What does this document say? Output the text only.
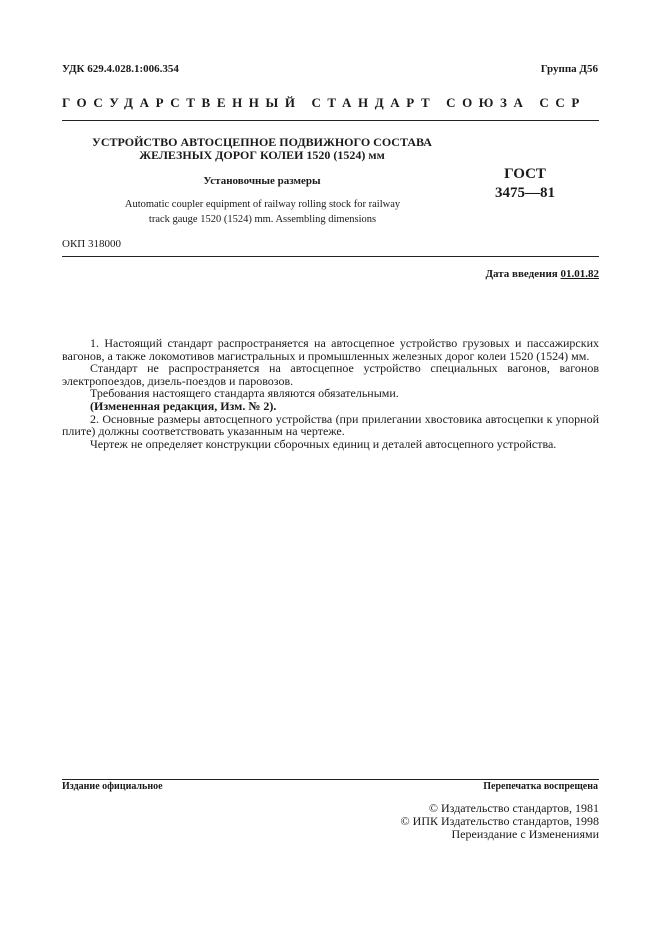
УДК 629.4.028.1:006.354	Группа Д56
ГОСУДАРСТВЕННЫЙ СТАНДАРТ СОЮЗА ССР
УСТРОЙСТВО АВТОСЦЕПНОЕ ПОДВИЖНОГО СОСТАВА
ЖЕЛЕЗНЫХ ДОРОГ КОЛЕИ 1520 (1524) мм
Установочные размеры
Automatic coupler equipment of railway rolling stock for railway
track gauge 1520 (1524) mm. Assembling dimensions
ГОСТ
3475—81
ОКП 318000
Дата введения 01.01.82

1. Настоящий стандарт распространяется на автосцепное устройство грузовых и пассажирских вагонов, а также локомотивов магистральных и промышленных железных дорог колеи 1520 (1524) мм.

Стандарт не распространяется на автосцепное устройство специальных вагонов, вагонов электропоездов, дизель-поездов и паровозов.

Требования настоящего стандарта являются обязательными.

(Измененная редакция, Изм. № 2).

2. Основные размеры автосцепного устройства (при прилегании хвостовика автосцепки к упорной плите) должны соответствовать указанным на чертеже.

Чертеж не определяет конструкции сборочных единиц и деталей автосцепного устройства.

Издание официальное	Перепечатка воспрещена
© Издательство стандартов, 1981
© ИПК Издательство стандартов, 1998
Переиздание с Изменениями
